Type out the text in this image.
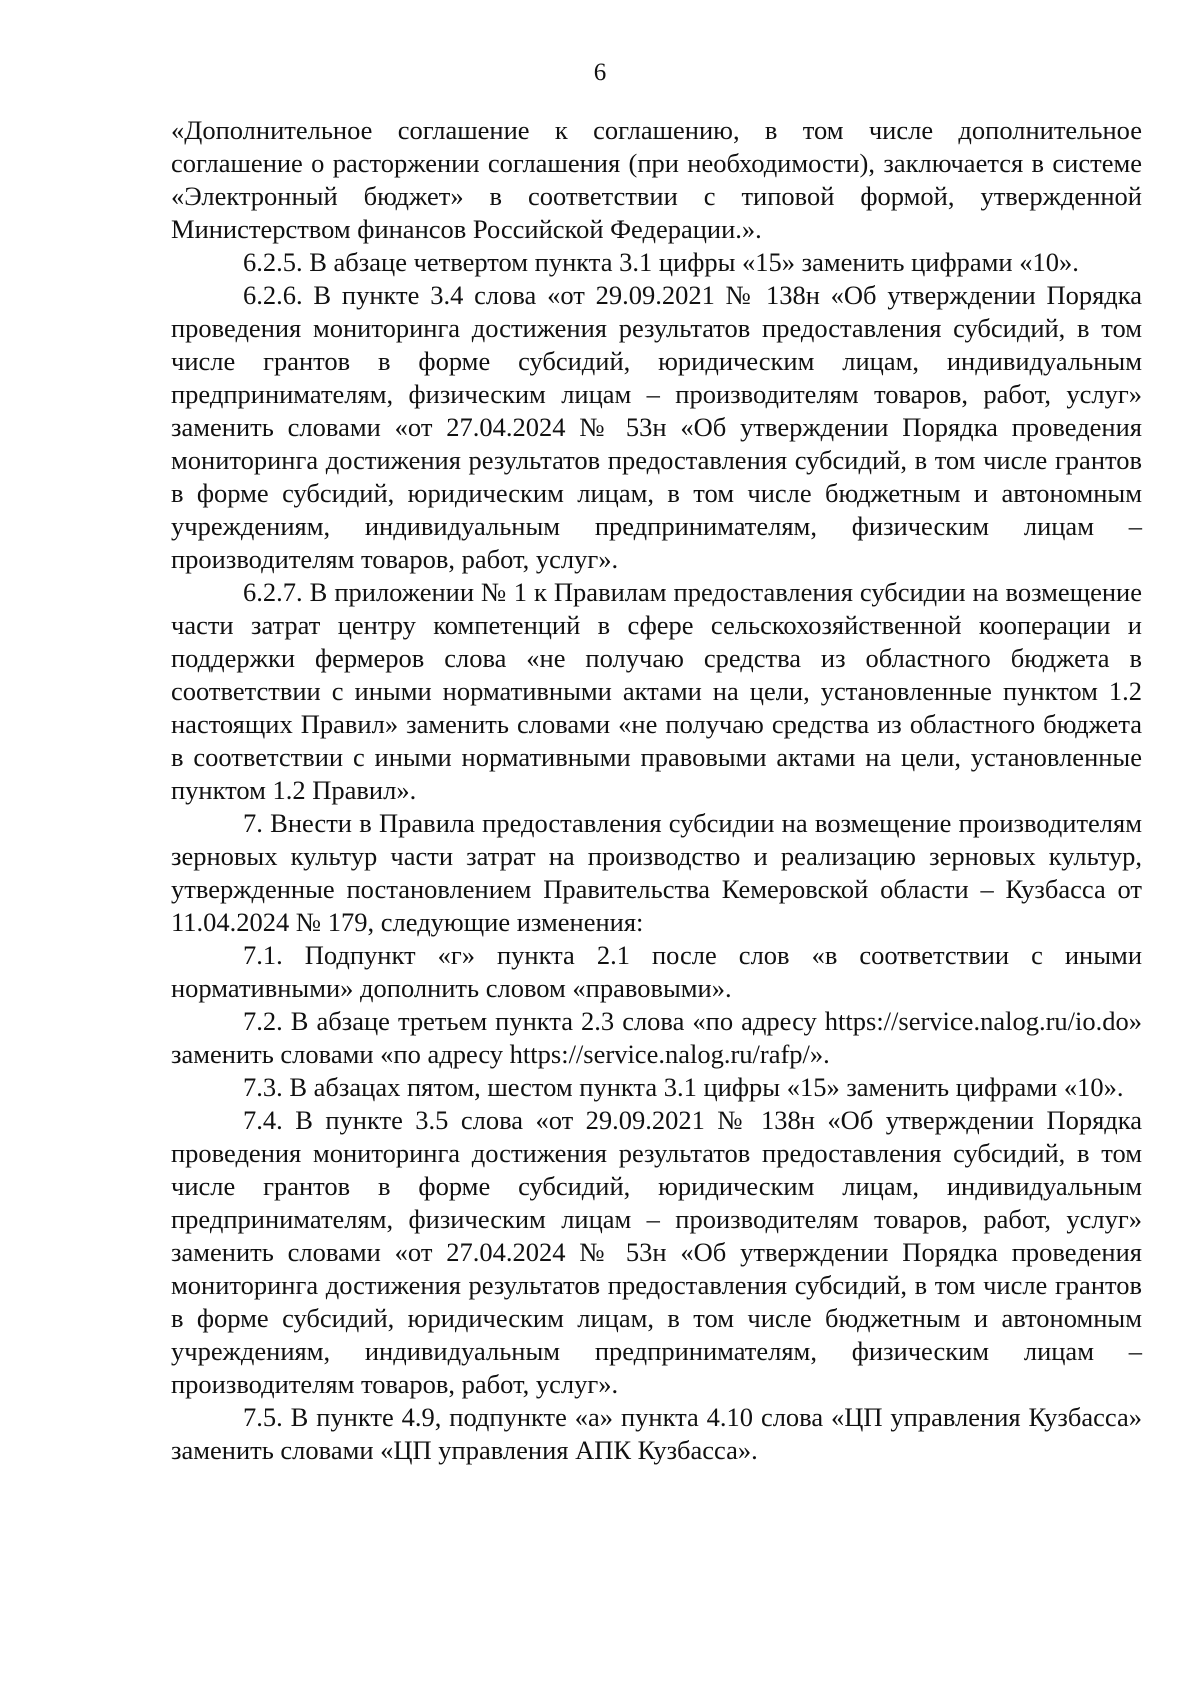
6

«Дополнительное соглашение к соглашению, в том числе дополнительное соглашение о расторжении соглашения (при необходимости), заключается в системе «Электронный бюджет» в соответствии с типовой формой, утвержденной Министерством финансов Российской Федерации.».

6.2.5. В абзаце четвертом пункта 3.1 цифры «15» заменить цифрами «10».

6.2.6. В пункте 3.4 слова «от 29.09.2021 № 138н «Об утверждении Порядка проведения мониторинга достижения результатов предоставления субсидий, в том числе грантов в форме субсидий, юридическим лицам, индивидуальным предпринимателям, физическим лицам – производителям товаров, работ, услуг» заменить словами «от 27.04.2024 № 53н «Об утверждении Порядка проведения мониторинга достижения результатов предоставления субсидий, в том числе грантов в форме субсидий, юридическим лицам, в том числе бюджетным и автономным учреждениям, индивидуальным предпринимателям, физическим лицам – производителям товаров, работ, услуг».

6.2.7. В приложении № 1 к Правилам предоставления субсидии на возмещение части затрат центру компетенций в сфере сельскохозяйственной кооперации и поддержки фермеров слова «не получаю средства из областного бюджета в соответствии с иными нормативными актами на цели, установленные пунктом 1.2 настоящих Правил» заменить словами «не получаю средства из областного бюджета в соответствии с иными нормативными правовыми актами на цели, установленные пунктом 1.2 Правил».

7. Внести в Правила предоставления субсидии на возмещение производителям зерновых культур части затрат на производство и реализацию зерновых культур, утвержденные постановлением Правительства Кемеровской области – Кузбасса от 11.04.2024 № 179, следующие изменения:

7.1. Подпункт «г» пункта 2.1 после слов «в соответствии с иными нормативными» дополнить словом «правовыми».

7.2. В абзаце третьем пункта 2.3 слова «по адресу https://service.nalog.ru/io.do» заменить словами «по адресу https://service.nalog.ru/rafp/».

7.3. В абзацах пятом, шестом пункта 3.1 цифры «15» заменить цифрами «10».

7.4. В пункте 3.5 слова «от 29.09.2021 № 138н «Об утверждении Порядка проведения мониторинга достижения результатов предоставления субсидий, в том числе грантов в форме субсидий, юридическим лицам, индивидуальным предпринимателям, физическим лицам – производителям товаров, работ, услуг» заменить словами «от 27.04.2024 № 53н «Об утверждении Порядка проведения мониторинга достижения результатов предоставления субсидий, в том числе грантов в форме субсидий, юридическим лицам, в том числе бюджетным и автономным учреждениям, индивидуальным предпринимателям, физическим лицам – производителям товаров, работ, услуг».

7.5. В пункте 4.9, подпункте «а» пункта 4.10 слова «ЦП управления Кузбасса» заменить словами «ЦП управления АПК Кузбасса».
